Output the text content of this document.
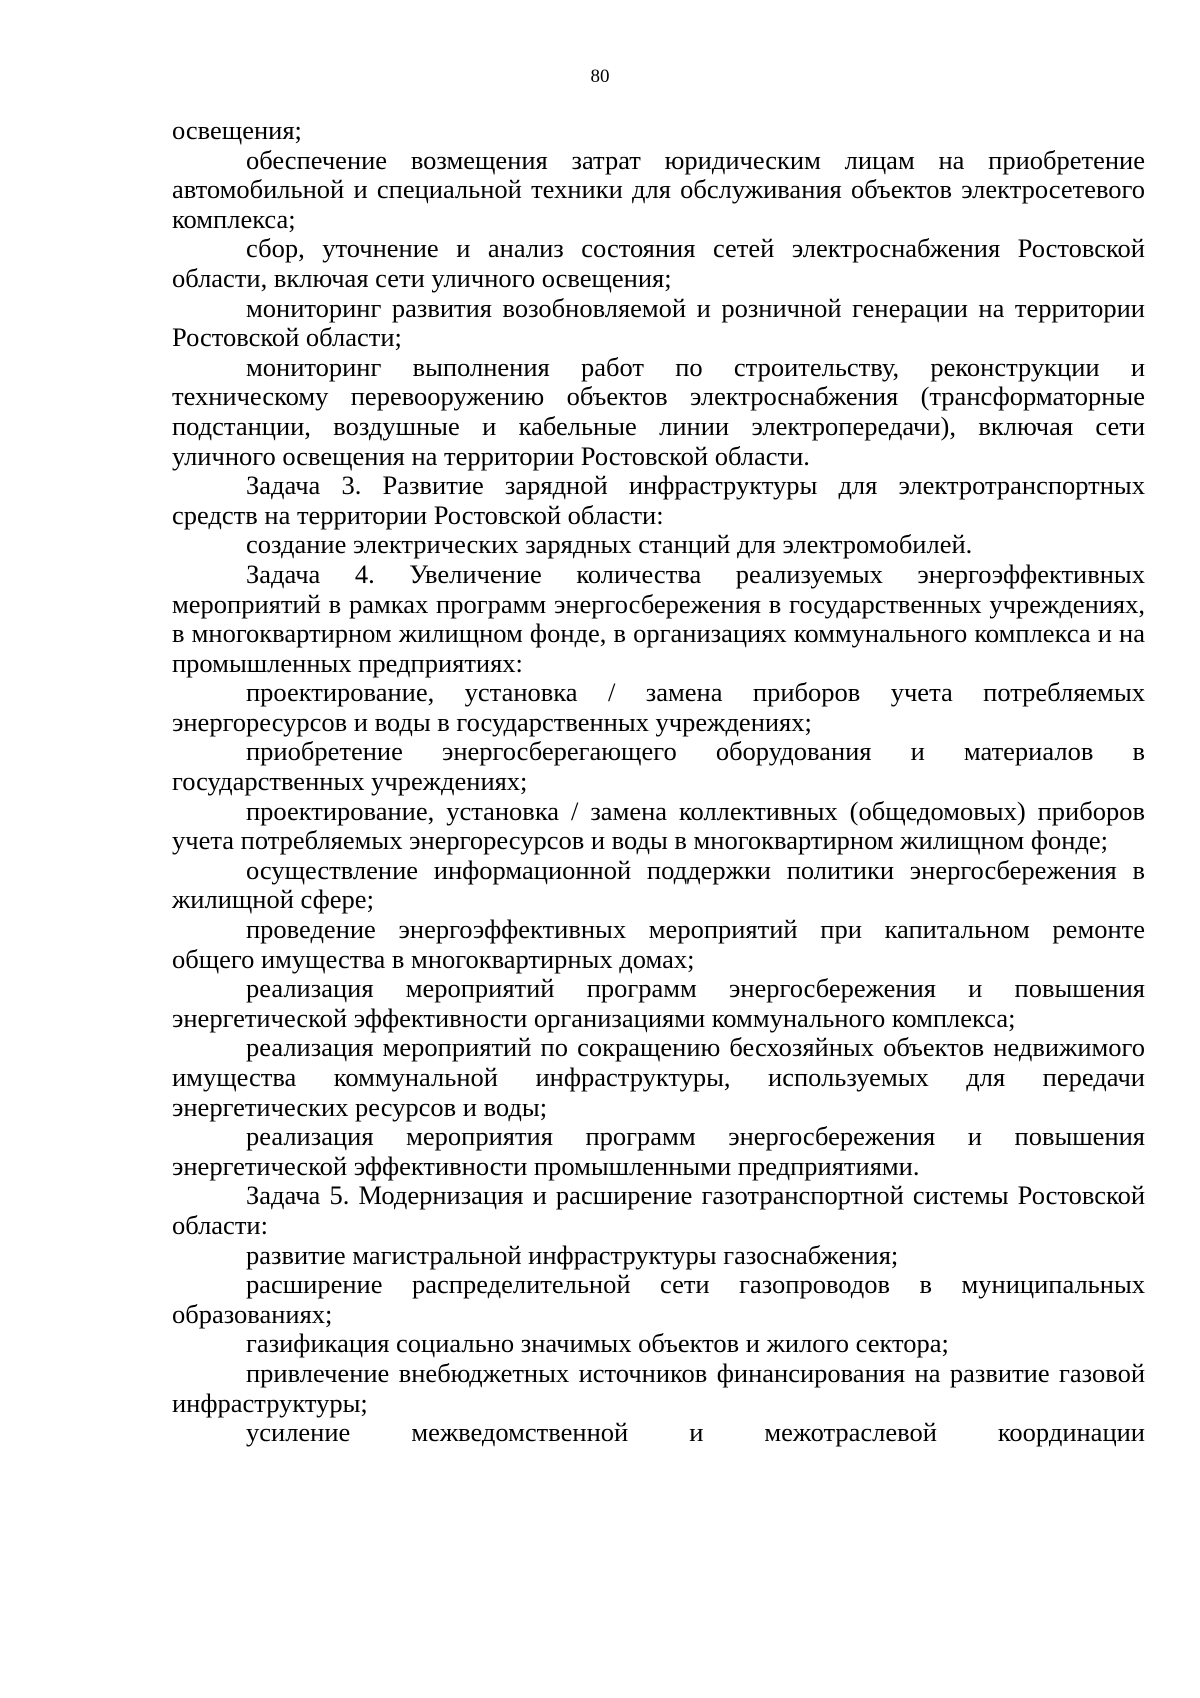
80

освещения;

обеспечение возмещения затрат юридическим лицам на приобретение автомобильной и специальной техники для обслуживания объектов электросетевого комплекса;

сбор, уточнение и анализ состояния сетей электроснабжения Ростовской области, включая сети уличного освещения;

мониторинг развития возобновляемой и розничной генерации на территории Ростовской области;

мониторинг выполнения работ по строительству, реконструкции и техническому перевооружению объектов электроснабжения (трансформаторные подстанции, воздушные и кабельные линии электропередачи), включая сети уличного освещения на территории Ростовской области.

Задача 3. Развитие зарядной инфраструктуры для электротранспортных средств на территории Ростовской области:

создание электрических зарядных станций для электромобилей.

Задача 4. Увеличение количества реализуемых энергоэффективных мероприятий в рамках программ энергосбережения в государственных учреждениях, в многоквартирном жилищном фонде, в организациях коммунального комплекса и на промышленных предприятиях:

проектирование, установка / замена приборов учета потребляемых энергоресурсов и воды в государственных учреждениях;

приобретение энергосберегающего оборудования и материалов в государственных учреждениях;

проектирование, установка / замена коллективных (общедомовых) приборов учета потребляемых энергоресурсов и воды в многоквартирном жилищном фонде;

осуществление информационной поддержки политики энергосбережения в жилищной сфере;

проведение энергоэффективных мероприятий при капитальном ремонте общего имущества в многоквартирных домах;

реализация мероприятий программ энергосбережения и повышения энергетической эффективности организациями коммунального комплекса;

реализация мероприятий по сокращению бесхозяйных объектов недвижимого имущества коммунальной инфраструктуры, используемых для передачи энергетических ресурсов и воды;

реализация мероприятия программ энергосбережения и повышения энергетической эффективности промышленными предприятиями.

Задача 5. Модернизация и расширение газотранспортной системы Ростовской области:

развитие магистральной инфраструктуры газоснабжения;

расширение распределительной сети газопроводов в муниципальных образованиях;

газификация социально значимых объектов и жилого сектора;

привлечение внебюджетных источников финансирования на развитие газовой инфраструктуры;

усиление межведомственной и межотраслевой координации
